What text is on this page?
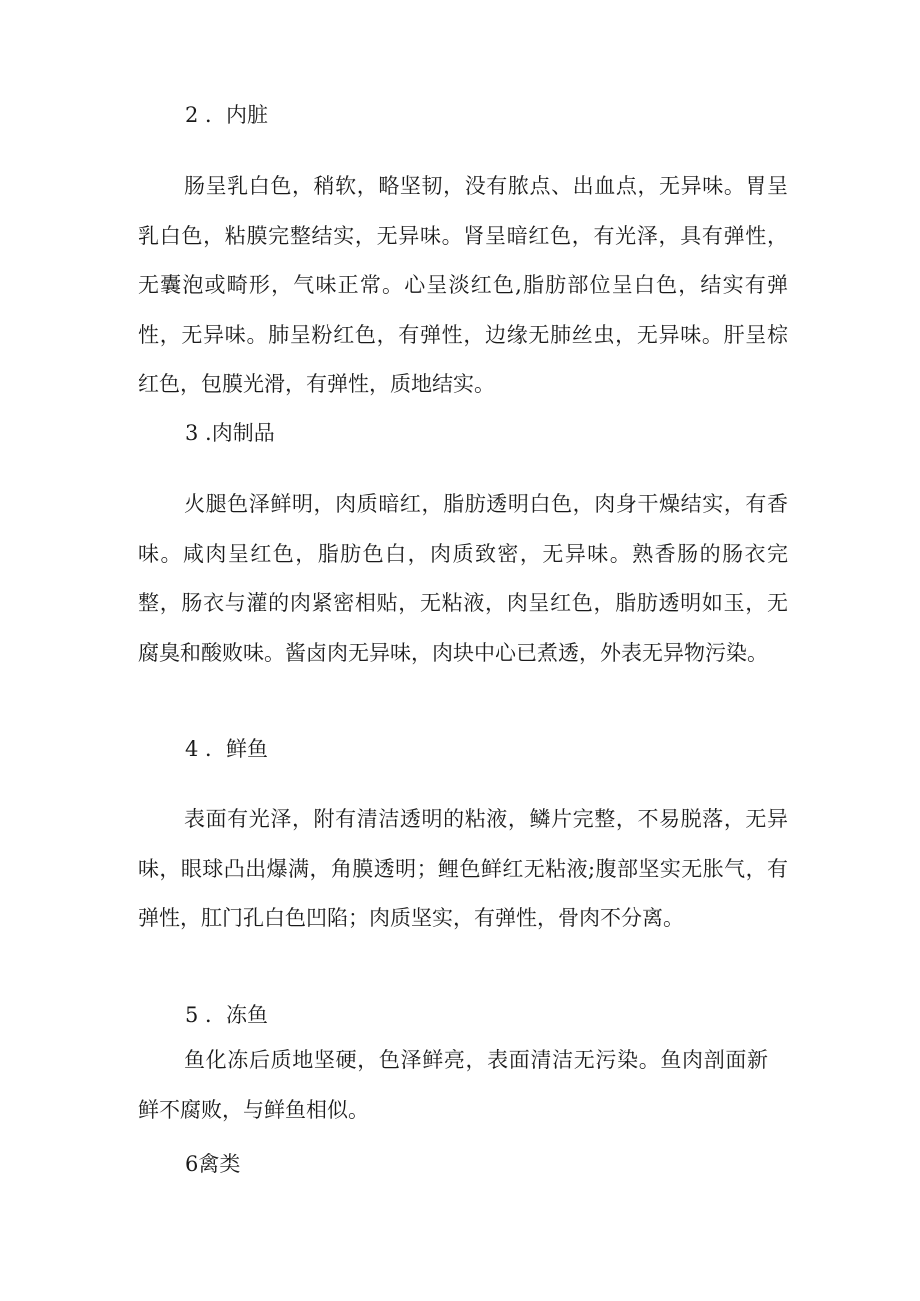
2 ．内脏
肠呈乳白色，稍软，略坚韧，没有脓点、出血点，无异味。胃呈乳白色，粘膜完整结实，无异味。肾呈暗红色，有光泽，具有弹性，无囊泡或畸形，气味正常。心呈淡红色,脂肪部位呈白色，结实有弹性，无异味。肺呈粉红色，有弹性，边缘无肺丝虫，无异味。肝呈棕红色，包膜光滑，有弹性，质地结实。
3 .肉制品
火腿色泽鲜明，肉质暗红，脂肪透明白色，肉身干燥结实，有香味。咸肉呈红色，脂肪色白，肉质致密，无异味。熟香肠的肠衣完整，肠衣与灌的肉紧密相贴，无粘液，肉呈红色，脂肪透明如玉，无腐臭和酸败味。酱卤肉无异味，肉块中心已煮透，外表无异物污染。
4 ．鲜鱼
表面有光泽，附有清洁透明的粘液，鳞片完整，不易脱落，无异味，眼球凸出爆满，角膜透明；鲤色鲜红无粘液;腹部坚实无胀气，有弹性，肛门孔白色凹陷；肉质坚实，有弹性，骨肉不分离。
5 ．冻鱼
鱼化冻后质地坚硬，色泽鲜亮，表面清洁无污染。鱼肉剖面新鲜不腐败，与鲜鱼相似。
6禽类
